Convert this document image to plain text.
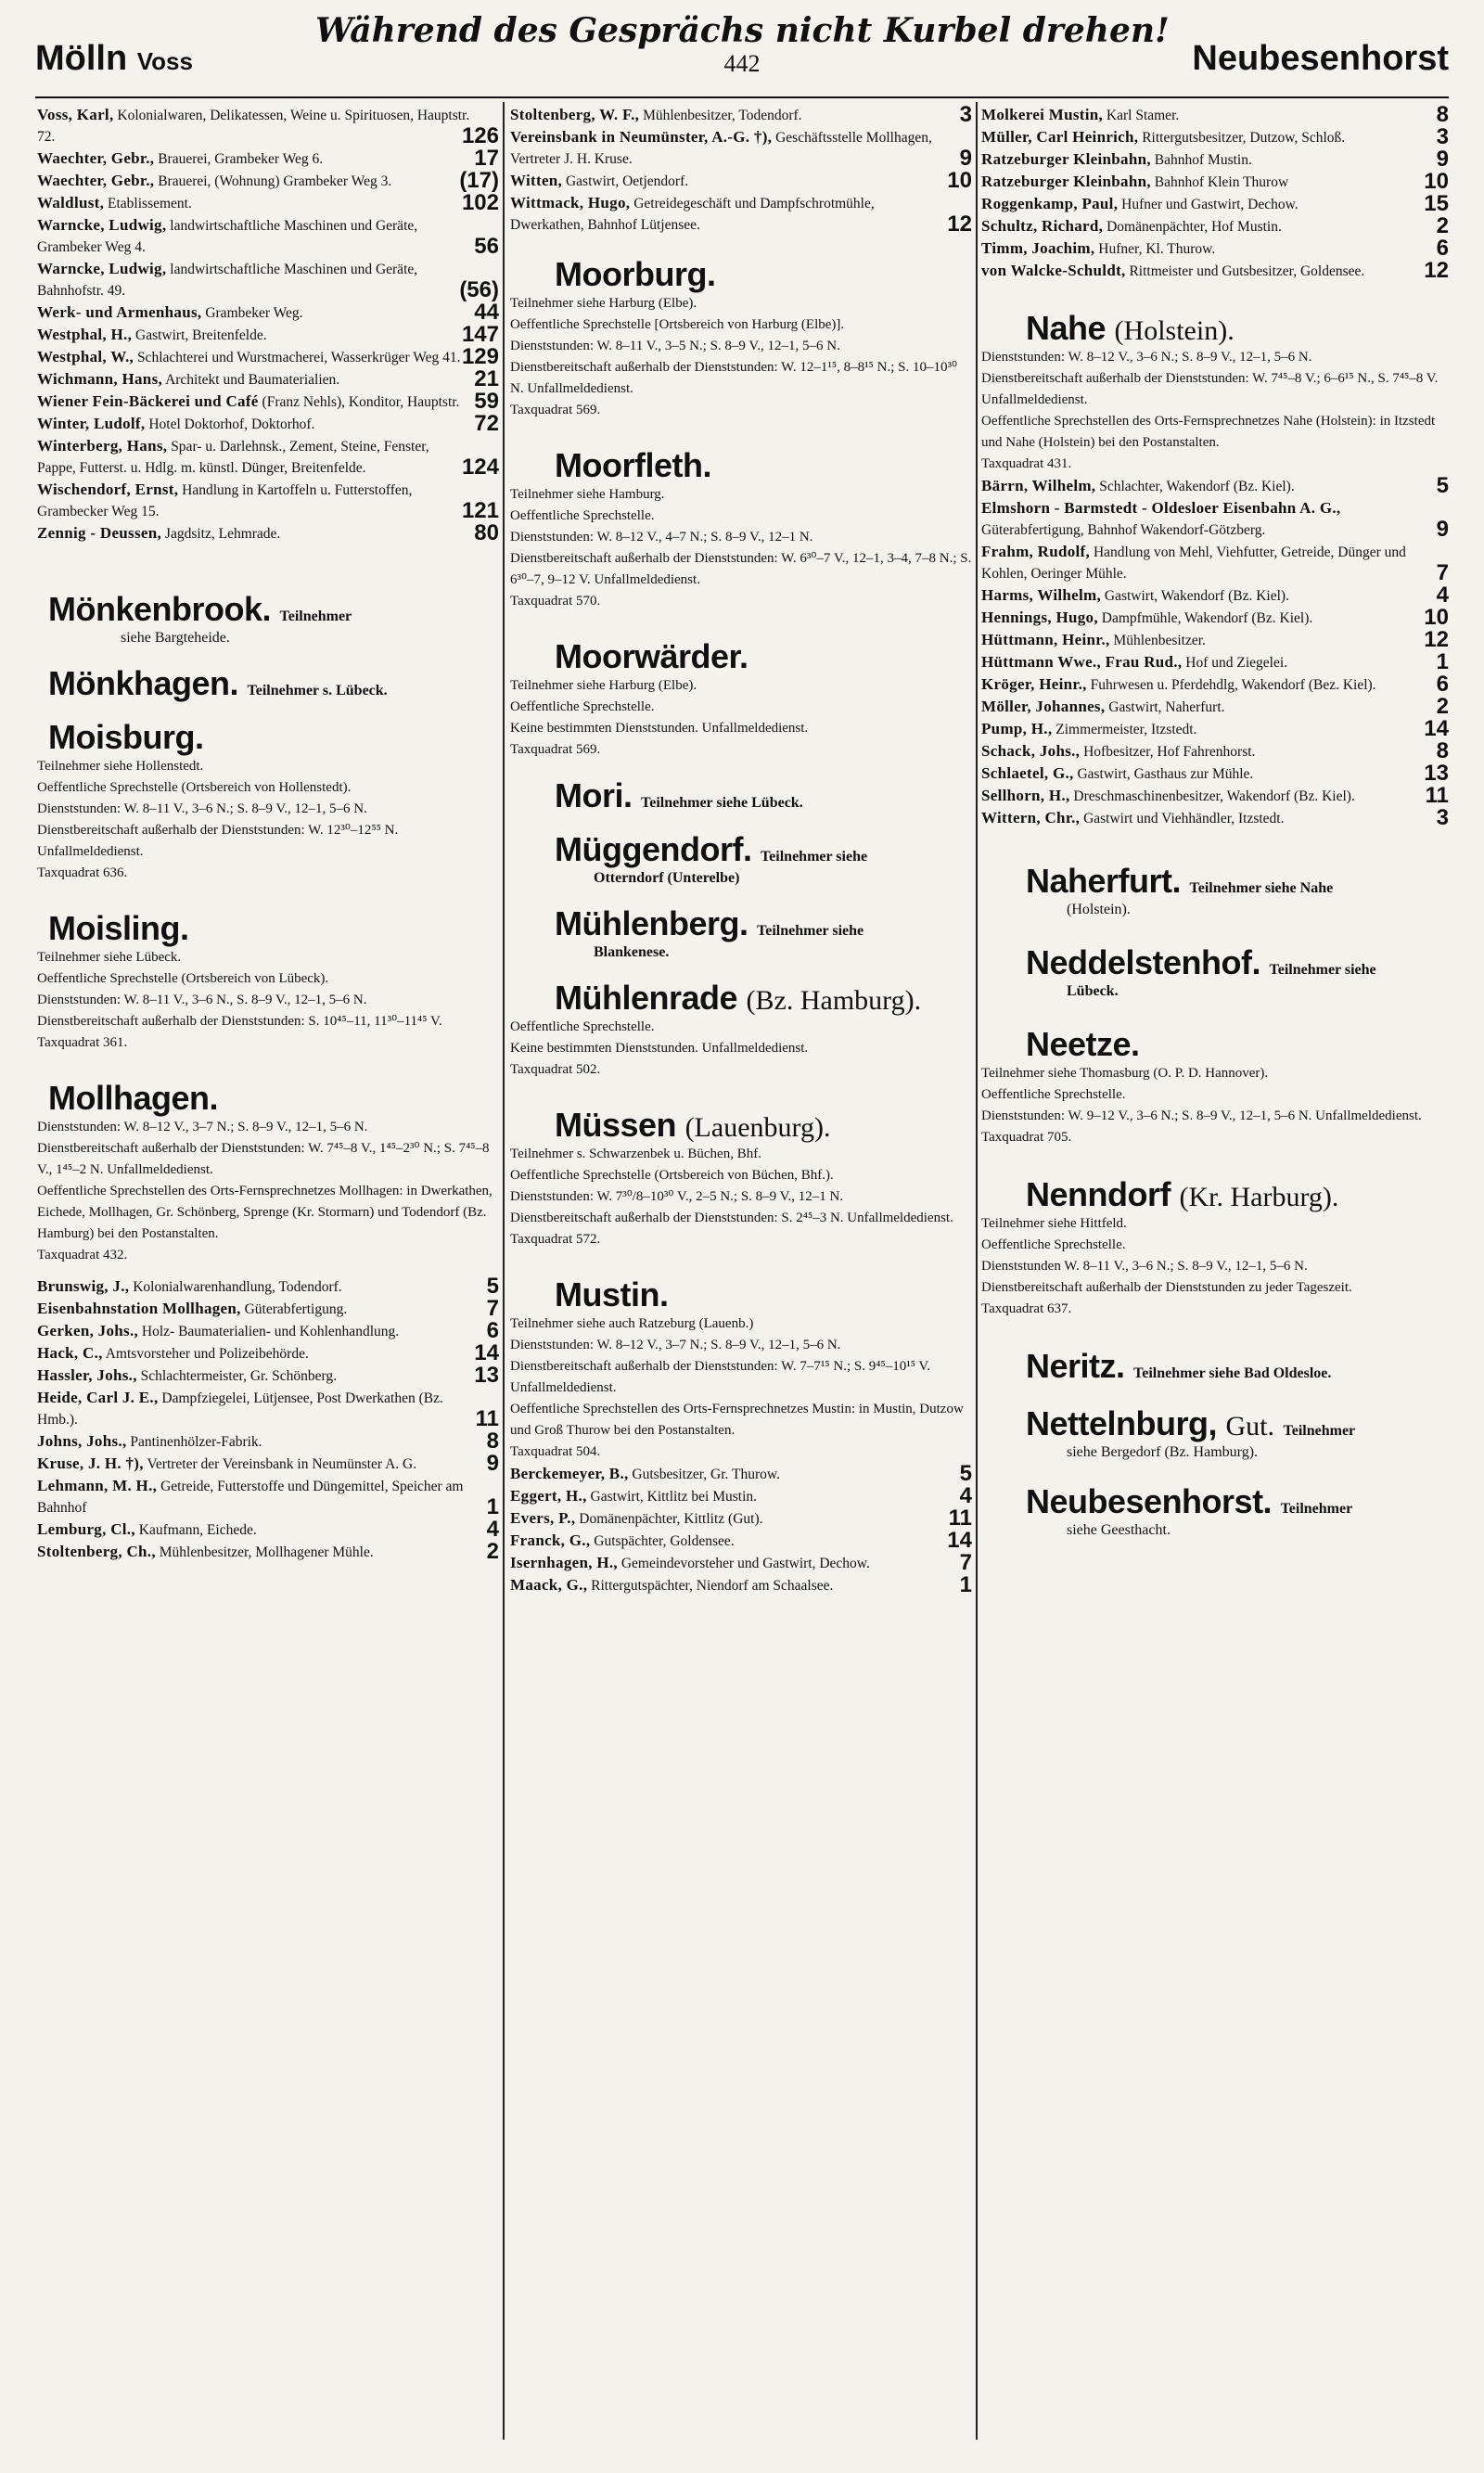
Mölln Voss
Während des Gesprächs nicht Kurbel drehen!
442	Neubesenhorst
Voss, Karl, Kolonialwaren, Delikatessen, Weine u. Spirituosen, Hauptstr. 72.	126
Waechter, Gebr., Brauerei, Grambeker Weg 6.	17
Waechter, Gebr., Brauerei, (Wohnung) Grambeker Weg 3.	(17)
Waldlust, Etablissement.	102
Warncke, Ludwig, landwirtschaftliche Maschinen und Geräte, Grambeker Weg 4.	56
Warncke, Ludwig, landwirtschaftliche Maschinen und Geräte, Bahnhofstr. 49.	(56)
Werk- und Armenhaus, Grambeker Weg.	44
Westphal, H., Gastwirt, Breitenfelde.	147
Westphal, W., Schlachterei und Wurstmacherei, Wasserkrüger Weg 41. 129
Wichmann, Hans, Architekt und Baumaterialien.	21
Wiener Fein-Bäckerei und Café (Franz Nehls), Konditor, Hauptstr. 59
Winter, Ludolf, Hotel Doktorhof, Doktorhof.	72
Winterberg, Hans, Spar- u. Darlehnsk., Zement, Steine, Fenster, Pappe, Futterst. u. Hdlg. m. künstl. Dünger, Breitenfelde.	124
Wischendorf, Ernst, Handlung in Kartoffeln u. Futterstoffen, Grambecker Weg 15.	121
Zennig - Deussen, Jagdsitz, Lehmrade.	80
Mönkenbrook. Teilnehmer
siehe Bargteheide.
Mönkhagen. Teilnehmer s. Lübeck.
Moisburg.
Teilnehmer siehe Hollenstedt.
Oeffentliche Sprechstelle (Ortsbereich von Hollenstedt).
Dienststunden: W. 8–11 V., 3–6 N.; S. 8–9 V., 12–1, 5–6 N.
Dienstbereitschaft außerhalb der Dienststunden: W. 12³⁰–12⁵⁵ N. Unfallmeldedienst.
Taxquadrat 636.
Moisling.
Teilnehmer siehe Lübeck.
Oeffentliche Sprechstelle (Ortsbereich von Lübeck).
Dienststunden: W. 8–11 V., 3–6 N., S. 8–9 V., 12–1, 5–6 N.
Dienstbereitschaft außerhalb der Dienststunden: S. 10⁴⁵–11, 11³⁰–11⁴⁵ V.
Taxquadrat 361.
Mollhagen.
Dienststunden: W. 8–12 V., 3–7 N.; S. 8–9 V., 12–1, 5–6 N.
Dienstbereitschaft außerhalb der Dienststunden: W. 7⁴⁵–8 V., 1⁴⁵–2³⁰ N.; S. 7⁴⁵–8 V., 1⁴⁵–2 N. Unfallmeldedienst.
Oeffentliche Sprechstellen des Orts-Fernsprechnetzes Mollhagen: in Dwerkathen, Eichede, Mollhagen, Gr. Schönberg, Sprenge (Kr. Stormarn) und Todendorf (Bz. Hamburg) bei den Postanstalten.
Taxquadrat 432.
Brunswig, J., Kolonialwarenhandlung, Todendorf.	5
Eisenbahnstation Mollhagen, Güterabfertigung.	7
Gerken, Johs., Holz- Baumaterialien- und Kohlenhandlung.	6
Hack, C., Amtsvorsteher und Polizeibehörde.	14
Hassler, Johs., Schlachtermeister, Gr. Schönberg.	13
Heide, Carl J. E., Dampfziegelei, Lütjensee, Post Dwerkathen (Bz. Hmb.).	11
Johns, Johs., Pantinenhölzer-Fabrik.	8
Kruse, J. H. †), Vertreter der Vereinsbank in Neumünster A. G.	9
Lehmann, M. H., Getreide, Futterstoffe und Düngemittel, Speicher am Bahnhof	1
Lemburg, Cl., Kaufmann, Eichede.	4
Stoltenberg, Ch., Mühlenbesitzer, Mollhagener Mühle.	2
Stoltenberg, W. F., Mühlenbesitzer, Todendorf.	3
Vereinsbank in Neumünster, A.-G. †), Geschäftsstelle Mollhagen, Vertreter J. H. Kruse.	9
Witten, Gastwirt, Oetjendorf.	10
Wittmack, Hugo, Getreidegeschäft und Dampfschrotmühle, Dwerkathen, Bahnhof Lütjensee.	12
Moorburg.
Teilnehmer siehe Harburg (Elbe).
Oeffentliche Sprechstelle [Ortsbereich von Harburg (Elbe)].
Dienststunden: W. 8–11 V., 3–5 N.; S. 8–9 V., 12–1, 5–6 N.
Dienstbereitschaft außerhalb der Dienststunden: W. 12–1¹⁵, 8–8¹⁵ N.; S. 10–10³⁰ N. Unfallmeldedienst.
Taxquadrat 569.
Moorfleth.
Teilnehmer siehe Hamburg.
Oeffentliche Sprechstelle.
Dienststunden: W. 8–12 V., 4–7 N.; S. 8–9 V., 12–1 N.
Dienstbereitschaft außerhalb der Dienststunden: W. 6³⁰–7 V., 12–1, 3–4, 7–8 N.; S. 6³⁰–7, 9–12 V. Unfallmeldedienst.
Taxquadrat 570.
Moorwärder.
Teilnehmer siehe Harburg (Elbe).
Oeffentliche Sprechstelle.
Keine bestimmten Dienststunden. Unfallmeldedienst.
Taxquadrat 569.
Mori. Teilnehmer siehe Lübeck.
Müggendorf. Teilnehmer siehe
Otterndorf (Unterelbe)
Mühlenberg. Teilnehmer siehe
Blankenese.
Mühlenrade (Bz. Hamburg).
Oeffentliche Sprechstelle.
Keine bestimmten Dienststunden. Unfallmeldedienst.
Taxquadrat 502.
Müssen (Lauenburg).
Teilnehmer s. Schwarzenbek u. Büchen, Bhf.
Oeffentliche Sprechstelle (Ortsbereich von Büchen, Bhf.).
Dienststunden: W. 7³⁰/8–10³⁰ V., 2–5 N.; S. 8–9 V., 12–1 N.
Dienstbereitschaft außerhalb der Dienststunden: S. 2⁴⁵–3 N. Unfallmeldedienst.
Taxquadrat 572.
Mustin.
Teilnehmer siehe auch Ratzeburg (Lauenb.)
Dienststunden: W. 8–12 V., 3–7 N.; S. 8–9 V., 12–1, 5–6 N.
Dienstbereitschaft außerhalb der Dienststunden: W. 7–7¹⁵ N.; S. 9⁴⁵–10¹⁵ V.
Unfallmeldedienst.
Oeffentliche Sprechstellen des Orts-Fernsprechnetzes Mustin: in Mustin, Dutzow und Groß Thurow bei den Postanstalten.
Taxquadrat 504.
Berckemeyer, B., Gutsbesitzer, Gr. Thurow.	5
Eggert, H., Gastwirt, Kittlitz bei Mustin.	4
Evers, P., Domänenpächter, Kittlitz (Gut).	11
Franck, G., Gutspächter, Goldensee.	14
Isernhagen, H., Gemeindevorsteher und Gastwirt, Dechow.	7
Maack, G., Rittergutspächter, Niendorf am Schaalsee.	1
Molkerei Mustin, Karl Stamer.	8
Müller, Carl Heinrich, Rittergutsbesitzer, Dutzow, Schloß.	3
Ratzeburger Kleinbahn, Bahnhof Mustin.	9
Ratzeburger Kleinbahn, Bahnhof Klein Thurow	10
Roggenkamp, Paul, Hufner und Gastwirt, Dechow.	15
Schultz, Richard, Domänenpächter, Hof Mustin.	2
Timm, Joachim, Hufner, Kl. Thurow.	6
von Walcke-Schuldt, Rittmeister und Gutsbesitzer, Goldensee.	12
Nahe (Holstein).
Dienststunden: W. 8–12 V., 3–6 N.; S. 8–9 V., 12–1, 5–6 N.
Dienstbereitschaft außerhalb der Dienststunden: W. 7⁴⁵–8 V.; 6–6¹⁵ N., S. 7⁴⁵–8 V. Unfallmeldedienst.
Oeffentliche Sprechstellen des Orts-Fernsprechnetzes Nahe (Holstein): in Itzstedt und Nahe (Holstein) bei den Postanstalten.
Taxquadrat 431.
Bärrn, Wilhelm, Schlachter, Wakendorf (Bz. Kiel).	5
Elmshorn - Barmstedt - Oldesloer Eisenbahn A. G., Güterabfertigung, Bahnhof Wakendorf-Götzberg.	9
Frahm, Rudolf, Handlung von Mehl, Viehfutter, Getreide, Dünger und Kohlen, Oeringer Mühle.	7
Harms, Wilhelm, Gastwirt, Wakendorf (Bz. Kiel).	4
Hennings, Hugo, Dampfmühle, Wakendorf (Bz. Kiel).	10
Hüttmann, Heinr., Mühlenbesitzer.	12
Hüttmann Wwe., Frau Rud., Hof und Ziegelei.	1
Kröger, Heinr., Fuhrwesen u. Pferdehdlg, Wakendorf (Bez. Kiel).	6
Möller, Johannes, Gastwirt, Naherfurt.	2
Pump, H., Zimmermeister, Itzstedt.	14
Schack, Johs., Hofbesitzer, Hof Fahrenhorst.	8
Schlaetel, G., Gastwirt, Gasthaus zur Mühle.	13
Sellhorn, H., Dreschmaschinenbesitzer, Wakendorf (Bz. Kiel).	11
Wittern, Chr., Gastwirt und Viehhändler, Itzstedt.	3
Naherfurt. Teilnehmer siehe Nahe
(Holstein).
Neddelstenhof. Teilnehmer siehe
Lübeck.
Neetze.
Teilnehmer siehe Thomasburg (O. P. D. Hannover).
Oeffentliche Sprechstelle.
Dienststunden: W. 9–12 V., 3–6 N.; S. 8–9 V., 12–1, 5–6 N. Unfallmeldedienst.
Taxquadrat 705.
Nenndorf (Kr. Harburg).
Teilnehmer siehe Hittfeld.
Oeffentliche Sprechstelle.
Dienststunden W. 8–11 V., 3–6 N.; S. 8–9 V., 12–1, 5–6 N.
Dienstbereitschaft außerhalb der Dienststunden zu jeder Tageszeit.
Taxquadrat 637.
Neritz. Teilnehmer siehe Bad Oldesloe.
Nettelnburg, Gut. Teilnehmer
siehe Bergedorf (Bz. Hamburg).
Neubesenhorst. Teilnehmer
siehe Geesthacht.
